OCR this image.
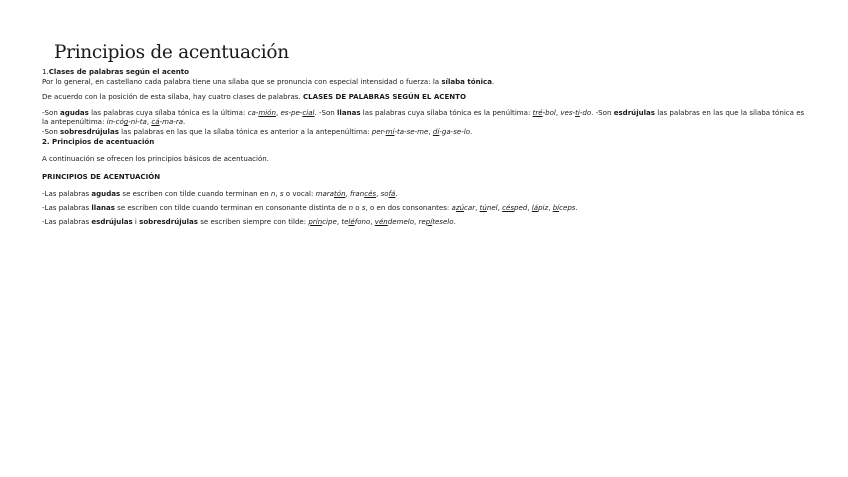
Principios de acentuación

1.Clases de palabras según el acento

Por lo general, en castellano cada palabra tiene una sílaba que se pronuncia con especial intensidad o fuerza: la sílaba tónica.

De acuerdo con la posición de esta sílaba, hay cuatro clases de palabras. CLASES DE PALABRAS SEGÚN EL ACENTO

-Son agudas las palabras cuya sílaba tónica es la última: ca-mión, es-pe-cial. -Son llanas las palabras cuya sílaba tónica es la penúltima: tré-bol, ves-ti-do. -Son esdrújulas las palabras en las que la sílaba tónica es la antepenúltima: in-cóg-ni-ta, cá-ma-ra.

-Son sobresdrújulas las palabras en las que la sílaba tónica es anterior a la antepenúltima: per-mí-ta-se-me, dí-ga-se-lo.

2. Principios de acentuación

A continuación se ofrecen los principios básicos de acentuación.

PRINCIPIOS DE ACENTUACIÓN

-Las palabras agudas se escriben con tilde cuando terminan en n, s o vocal: maratón, francés, sofá.

-Las palabras llanas se escriben con tilde cuando terminan en consonante distinta de n o s, o en dos consonantes: azúcar, túnel, césped, lápiz, bíceps.

-Las palabras esdrújulas i sobresdrújulas se escriben siempre con tilde: príncipe, teléfono, véndemelo, repíteselo.
